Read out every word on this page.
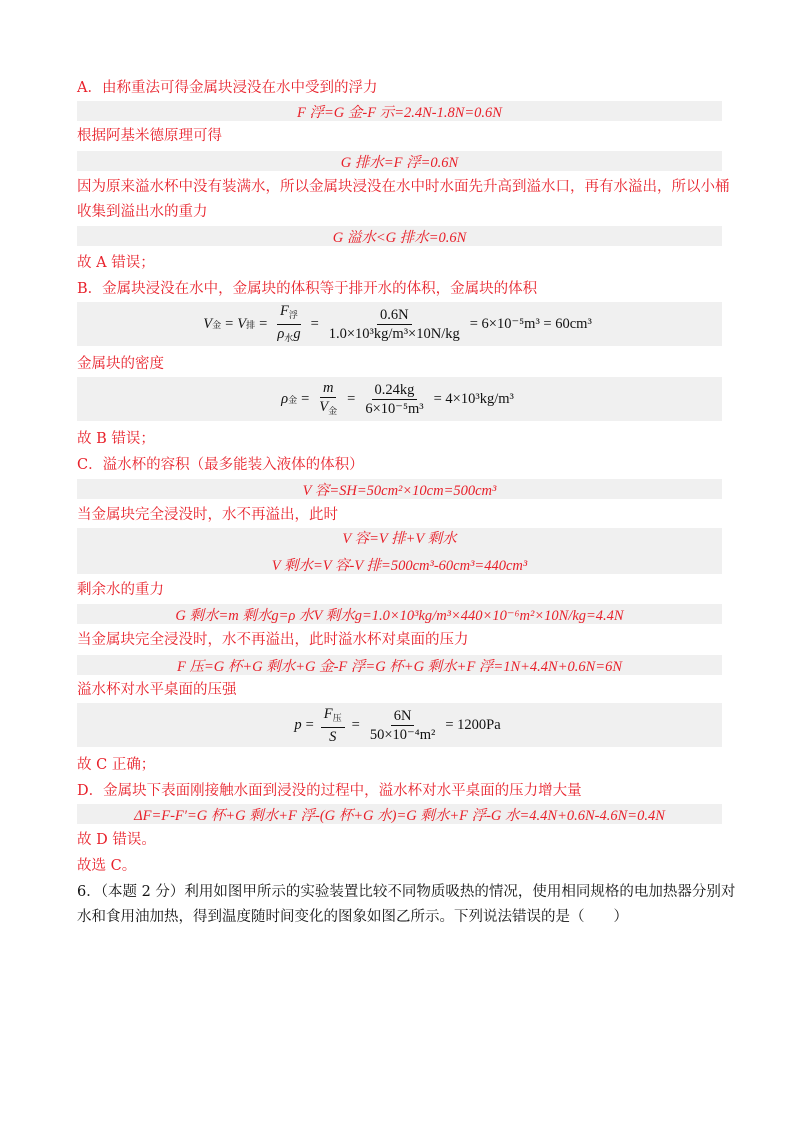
A．由称重法可得金属块浸没在水中受到的浮力
F 浮=G 金-F 示=2.4N-1.8N=0.6N
根据阿基米德原理可得
G 排水=F 浮=0.6N
因为原来溢水杯中没有装满水，所以金属块浸没在水中时水面先升高到溢水口，再有水溢出，所以小桶
收集到溢出水的重力
G 溢水<G 排水=0.6N
故 A 错误；
B．金属块浸没在水中，金属块的体积等于排开水的体积，金属块的体积
V 金 = V 排 = $\frac{F_浮}{\rho_水g} = \frac{0.6N}{\text{1.0×10³kg/m³×10N/kg}} = 6\times 10^{-5}m^3 = 60cm^3$
金属块的密度
ρ 金 = $\frac{m}{V_金} = \frac{0.24kg}{\text{6×10⁻⁵m³}} = 4\times 10^3kg/m^3$
故 B 错误；
C．溢水杯的容积（最多能装入液体的体积）
V 容=SH=50cm²×10cm=500cm³
当金属块完全浸没时，水不再溢出，此时
V 容=V 排+V 剩水
V 剩水=V 容-V 排=500cm³-60cm³=440cm³
剩余水的重力
G 剩水=m 剩水g=ρ 水V 剩水g=1.0×10³kg/m³×440×10⁻⁶m²×10N/kg=4.4N
当金属块完全浸没时，水不再溢出，此时溢水杯对桌面的压力
F 压=G 杯+G 剩水+G 金-F 浮=G 杯+G 剩水+F 浮=1N+4.4N+0.6N=6N
溢水杯对水平桌面的压强
$p = \frac{F_压}{S} = \frac{6N}{\text{50×10⁻⁴m²}} = 1200Pa$
故 C 正确；
D．金属块下表面刚接触水面到浸没的过程中，溢水杯对水平桌面的压力增大量
ΔF=F-F′=G 杯+G 剩水+F 浮-(G 杯+G 水)=G 剩水+F 浮-G 水=4.4N+0.6N-4.6N=0.4N
故 D 错误。
故选 C。
6．（本题 2 分）利用如图甲所示的实验装置比较不同物质吸热的情况，使用相同规格的电加热器分别对
水和食用油加热，得到温度随时间变化的图象如图乙所示。下列说法错误的是（　　）
